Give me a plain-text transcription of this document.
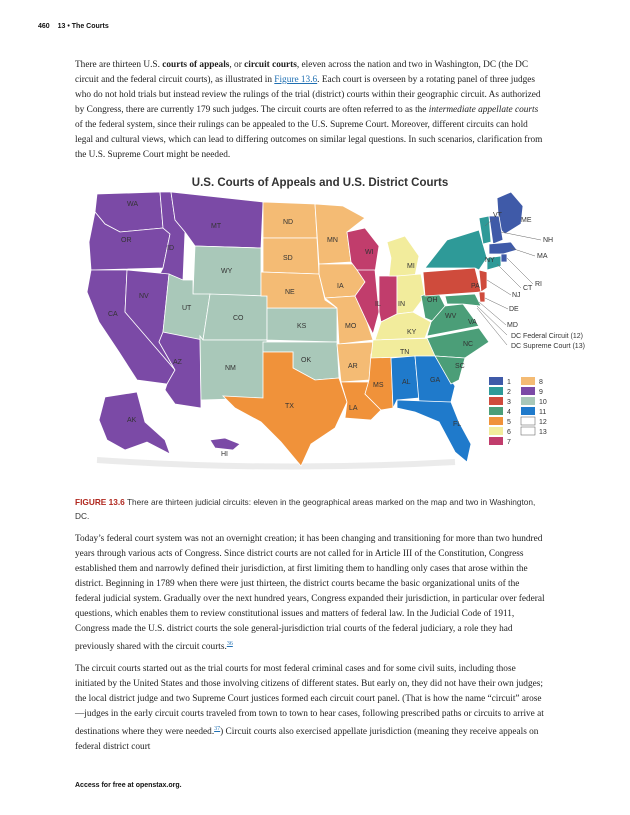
460 13 • The Courts

There are thirteen U.S. courts of appeals, or circuit courts, eleven across the nation and two in Washington, DC (the DC circuit and the federal circuit courts), as illustrated in Figure 13.6. Each court is overseen by a rotating panel of three judges who do not hold trials but instead review the rulings of the trial (district) courts within their geographic circuit. As authorized by Congress, there are currently 179 such judges. The circuit courts are often referred to as the intermediate appellate courts of the federal system, since their rulings can be appealed to the U.S. Supreme Court. Moreover, different circuits can hold legal and cultural views, which can lead to differing outcomes on similar legal questions. In such scenarios, clarification from the U.S. Supreme Court might be needed.

U.S. Courts of Appeals and U.S. District Courts
WA
OR
CA
NV
ID
MT
AZ
AK
HI
WY
UT
CO
NM
KS
OK
ND
SD
NE
MN
IA
MO
AR
TX	LA
MS
WI
IL IN
MI
OH
KY
TN
AL	GA
FL
WV
VA
NC
SC
PA
NY
ME
VT
NH
MA
RI
CT
NJ
DE
MD
DC Federal Circuit (12)
DC Supreme Court (13)
1
2
3
4
5
6
7
8
9
10
11
12
13
FIGURE 13.6 There are thirteen judicial circuits: eleven in the geographical areas marked on the map and two in Washington, DC.

Today’s federal court system was not an overnight creation; it has been changing and transitioning for more than two hundred years through various acts of Congress. Since district courts are not called for in Article III of the Constitution, Congress established them and narrowly defined their jurisdiction, at first limiting them to handling only cases that arose within the district. Beginning in 1789 when there were just thirteen, the district courts became the basic organizational units of the federal judicial system. Gradually over the next hundred years, Congress expanded their jurisdiction, in particular over federal questions, which enables them to review constitutional issues and matters of federal law. In the Judicial Code of 1911, Congress made the U.S. district courts the sole general-jurisdiction trial courts of the federal judiciary, a role they had previously shared with the circuit courts.$^{36}$

The circuit courts started out as the trial courts for most federal criminal cases and for some civil suits, including those initiated by the United States and those involving citizens of different states. But early on, they did not have their own judges; the local district judge and two Supreme Court justices formed each circuit court panel. (That is how the name “circuit” arose—judges in the early circuit courts traveled from town to town to hear cases, following prescribed paths or circuits to arrive at destinations where they were needed.$^{37}$) Circuit courts also exercised appellate jurisdiction (meaning they receive appeals on federal district court

Access for free at openstax.org.
